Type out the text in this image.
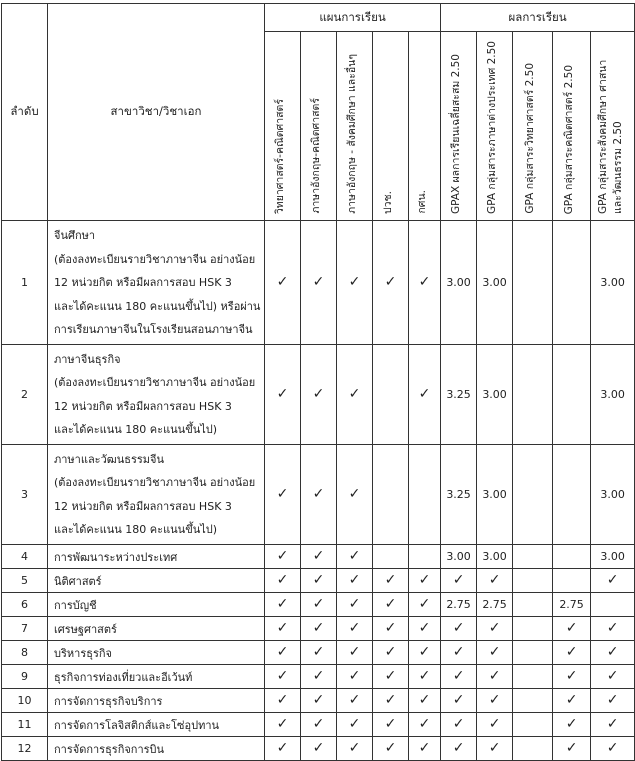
ลำดับ	สาขาวิชา/วิชาเอก	แผนการเรียน					ผลการเรียน				

		วิทยาศาสตร์-คณิตศาสตร์	ภาษาอังกฤษ-คณิตศาสตร์	ภาษาอังกฤษ - สังคมศึกษา และอื่นๆ	ปวช.	กศน.	GPAX ผลการเรียนเฉลี่ยสะสม 2.50	GPA กลุ่มสาระภาษาต่างประเทศ 2.50	GPA กลุ่มสาระวิทยาศาสตร์ 2.50	GPA กลุ่มสาระคณิตศาสตร์ 2.50	GPA กลุ่มสาระสังคมศึกษา ศาสนา และวัฒนธรรม 2.50

1	จีนศึกษา
(ต้องลงทะเบียนรายวิชาภาษาจีน อย่างน้อย
12 หน่วยกิต หรือมีผลการสอบ HSK 3
และได้คะแนน 180 คะแนนขึ้นไป) หรือผ่าน
การเรียนภาษาจีนในโรงเรียนสอนภาษาจีน	✓	✓	✓	✓	✓	3.00	3.00			3.00
2	ภาษาจีนธุรกิจ
(ต้องลงทะเบียนรายวิชาภาษาจีน อย่างน้อย
12 หน่วยกิต หรือมีผลการสอบ HSK 3
และได้คะแนน 180 คะแนนขึ้นไป)	✓	✓	✓		✓	3.25	3.00			3.00
3	ภาษาและวัฒนธรรมจีน
(ต้องลงทะเบียนรายวิชาภาษาจีน อย่างน้อย
12 หน่วยกิต หรือมีผลการสอบ HSK 3
และได้คะแนน 180 คะแนนขึ้นไป)	✓	✓	✓			3.25	3.00			3.00
4	การพัฒนาระหว่างประเทศ	✓	✓	✓			3.00	3.00			3.00
5	นิติศาสตร์	✓	✓	✓	✓	✓	✓	✓			✓
6	การบัญชี	✓	✓	✓	✓	✓	2.75	2.75		2.75	
7	เศรษฐศาสตร์	✓	✓	✓	✓	✓	✓	✓		✓	✓
8	บริหารธุรกิจ	✓	✓	✓	✓	✓	✓	✓		✓	✓
9	ธุรกิจการท่องเที่ยวและอีเว้นท์	✓	✓	✓	✓	✓	✓	✓		✓	✓
10	การจัดการธุรกิจบริการ	✓	✓	✓	✓	✓	✓	✓		✓	✓
11	การจัดการโลจิสติกส์และโซ่อุปทาน	✓	✓	✓	✓	✓	✓	✓		✓	✓
12	การจัดการธุรกิจการบิน	✓	✓	✓	✓	✓	✓	✓		✓	✓
